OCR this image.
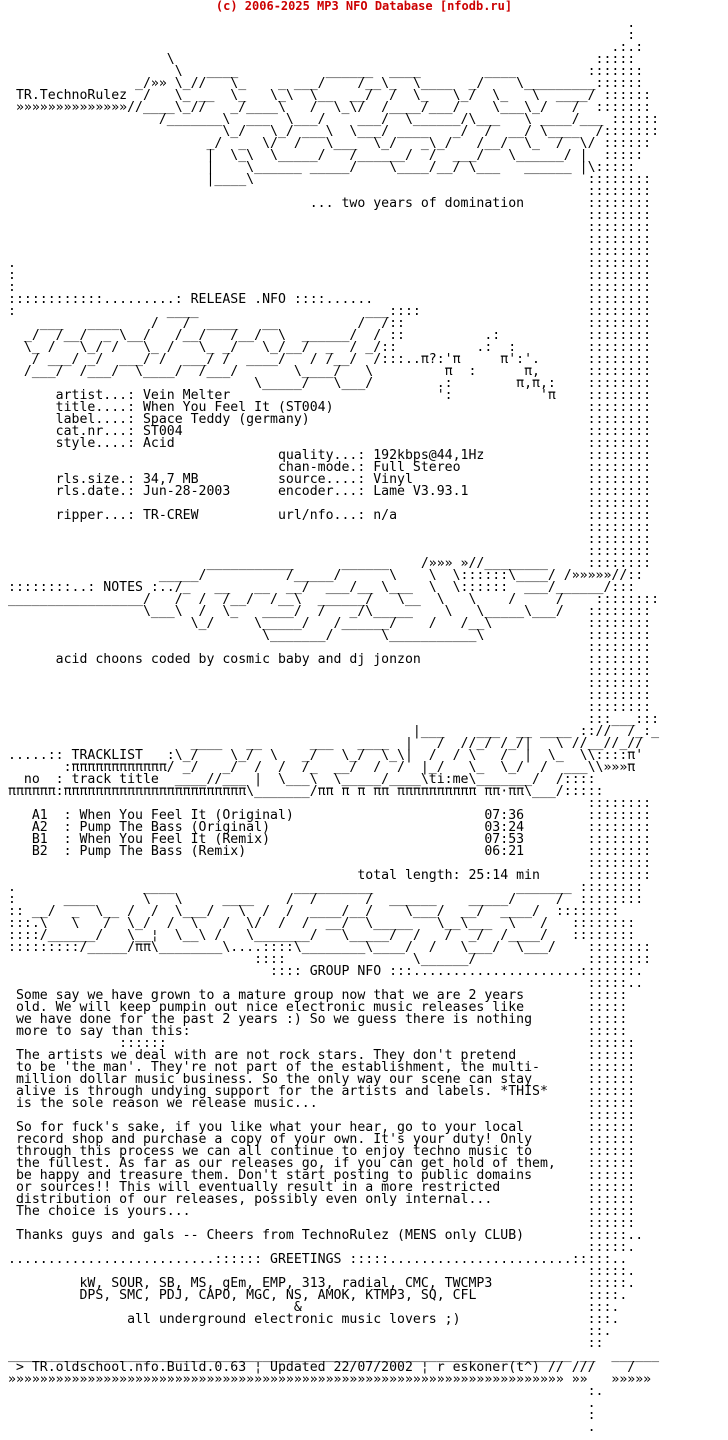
(c) 2006-2025 MP3 NFO Database [nfodb.ru]
.
:
.:.:
\                                                     :::::
\   ____           ______  ____        ____         :::::::
_/»» \_//   \_    _ ___/    /__\_  \____  _/    \_________::::::
TR.TechnoRulez  /   \_ __  \_   \_\  \__  __/  /  \_   \_/  \_   \  ____/ ::::::
»»»»»»»»»»»»»»//____\_//   _/____\   /  \_\/  /____/___/    \___\_/   /  :::::::
/_______\  ___  \___/    ___/  \______/\___   \ ____/___ ::::::
\_/   \_/ ___\  \___/ ____   _/  /  __/ \____  /:::::::
_/  _  \/  /   \___  \_/   _\_/   /__/  \_  /  \/ ::::::
|  \_\  \_____/   /______/  /  ___/   \______/ |  :::::
|    \______ _____/    \____/__/ \___   ______ |\:::::
|____\                                          ::::::::
::::::::
... two years of domination        ::::::::
::::::::
::::::::
::::::::
::::::::
.                                                                        ::::::::
:                                                                        ::::::::
:                                                                        ::::::::
::::::::::::.........: RELEASE .NFO ::::......                           ::::::::
:                   ____                     ___::::                     ::::::::
___   ____    /   /  ____   __          /  /::                       ::::::::
_/  /__/  _ \__/   /__/   /__/  \  ______/  / ::          .:           ::::::::
\_ /   \_/ /   \_ /   \_ _/   \_/__/  _  / _/::          .:  :         ::::::::
/ ___/ _/  ___/ /  ___/ /  ____/   / /__/  /:::..π?:'π     π':'.      ::::::::
/___/  /___/  \____/  /___/       \____/   \         π  :      π,      ::::::::
\_____/   \___/        .:        π,π,:    ::::::::
artist...: Vein Melter                          ':           'π    ::::::::
title....: When You Feel It (ST004)                                ::::::::
label....: Space Teddy (germany)                                   ::::::::
cat.nr...: ST004                                                   ::::::::
style....: Acid                                                    ::::::::
quality...: 192kbps@44,1Hz             ::::::::
chan-mode.: Full Stereo                ::::::::
rls.size.: 34,7 MB          source....: Vinyl                      ::::::::
rls.date.: Jun-28-2003      encoder...: Lame V3.93.1               ::::::::
::::::::
ripper...: TR-CREW          url/nfo...: n/a                        ::::::::
::::::::
::::::::
::::::::
___________      ______    /»»» »//________     ::::::::
_____/          /_____/      \    \  \::::::\____/ /»»»»»//::
::::::::..: NOTES :../_   __   __  __/  ___/__ \___  \  \::::::  ___/______/:::
_________________/   /  /  /__/  /__\  ______/   \__  \   \    /     /    ::::::::
\___\  /  \_   ____/  /   _/\_____    \   \_____\___/   ::::::::
\_/     \_____/   /______/    /   /__\            ::::::::
\_______/      \___________\             ::::::::
::::::::
acid choons coded by cosmic baby and dj jonzon                     ::::::::
::::::::
::::::::
::::::::
::::::::
:::___:::
|___    ___  __ ____ :://  /_:_
____   __      ___   ____  |   /  //_/ /_/|   \ //__//_//
.....:: TRACKLIST   :\_/    \_/  \   _/   \_/  \_\|  /  / \   /  |  \_  \\::::π'
:ππππππππππππ/ _/   _/  /  /  /_  __/  /  /  |_/   \_  \_/  /  ___\\»»»π
no  : track title  ____//___ |  \___\  \_____/____\ti:me\_______/  /::::
ππππππ:πππππππππππππππππππππππ\_______/ππ π π ππ ππππππππππ ππ·ππ\___/:::::
::::::::
A1  : When You Feel It (Original)                        07:36        ::::::::
A2  : Pump The Bass (Original)                           03:24        ::::::::
B1  : When You Feel It (Remix)                           07:53        ::::::::
B2  : Pump The Bass (Remix)                              06:21        ::::::::
::::::::
total length: 25:14 min      ::::::::
.                ____               __________                  _______ ::::::::
:      ____      \   \     ____    /  /      /  ______    _____/     /  ::::::::
:: __/  _  \__ /  /  \___/   \  /  /  ____/__/    \___/  __/  ____/  ::::::::
:::.\   \   /  \_/  /  \   /  \/  /  /  __/  \_____   \__\___  \   /   ::::::::
::::/______/   \__¦  \__\ /   \_______/   \_____/  /   /  _/  /____/   ::::::::
:::::::::/_____/ππ\________\....::::\________\____/  /   \___/  \___/    ::::::::
::::                \______/              ::::::::
:::: GROUP NFO :::.....................:::::::.
:::::..
Some say we have grown to a mature group now that we are 2 years        :::::
old. We will keep pumpin out nice electronic music releases like        :::::
we have done for the past 2 years :) So we guess there is nothing       :::::
more to say than this:                                                  :::::
::::::                                                     ::::::
The artists we deal with are not rock stars. They don't pretend         ::::::
to be 'the man'. They're not part of the establishment, the multi-      ::::::
million dollar music business. So the only way our scene can stay       ::::::
alive is through undying support for the artists and labels. *THIS*     ::::::
is the sole reason we release music...                                  ::::::
::::::
So for fuck's sake, if you like what your hear, go to your local        ::::::
record shop and purchase a copy of your own. It's your duty! Only       ::::::
through this process we can all continue to enjoy techno music to       ::::::
the fullest. As far as our releases go, if you can get hold of them,    ::::::
be happy and treasure them. Don't start posting to public domains       ::::::
or sources!! This will eventually result in a more restricted           ::::::
distribution of our releases, possibly even only internal...            ::::::
The choice is yours...                                                  ::::::
::::::
Thanks guys and gals -- Cheers from TechnoRulez (MENS only CLUB)        :::::..
:::::.
..........................:::::: GREETINGS :::::.......................:::::..
:::::.
kW, SOUR, SB, MS, gEm, EMP, 313, radial, CMC, TWCMP3            :::::.
DPS, SMC, PDJ, CAPO, MGC, NS, AMOK, KTMP3, SQ, CFL              ::::.
&                                    :::.
all underground electronic music lovers ;)                :::.
::.
::
_______________________________________________________________________ __  ______
> TR.oldschool.nfo.Build.0.63 ¦ Updated 22/07/2002 ¦ r eskoner(t^) // ///    /
»»»»»»»»»»»»»»»»»»»»»»»»»»»»»»»»»»»»»»»»»»»»»»»»»»»»»»»»»»»»»»»»»»»»»» »»   »»»»»
:.
.
:
.
